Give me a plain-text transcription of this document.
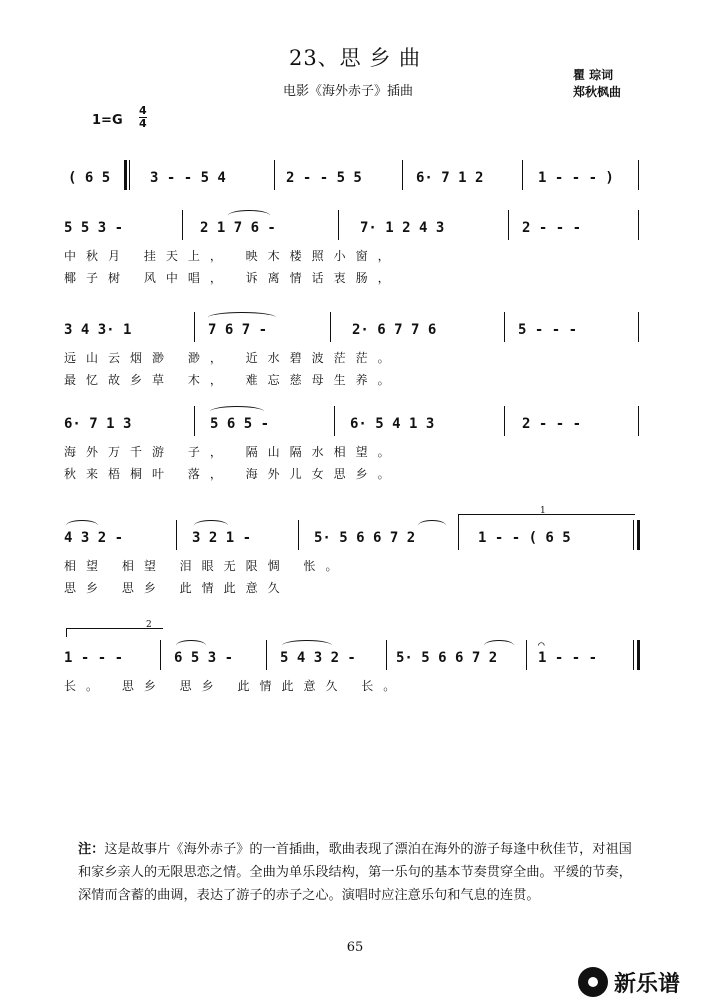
23、思 乡 曲
电影《海外赤子》插曲
瞿 琮词
郑秋枫曲
$1=G \frac{4}{4}$
( 6 5	3 - - 5 4	2 - - 5 5	6· 7 1 2	1 - - - )
5 5 3 -	2 1 7 6 -	7· 1 2 4 3	2 - - -
中秋月 挂天上， 映木楼照小窗，
椰子树 风中唱， 诉离情话衷肠，
3 4 3· 1	7 6 7 -	2· 6 7 7 6	5 - - -
远山云烟渺 渺， 近水碧波茫茫。
最忆故乡草 木， 难忘慈母生养。
6· 7 1 3	5 6 5 -	6· 5 4 1 3	2 - - -
海外万千游 子， 隔山隔水相望。
秋来梧桐叶 落， 海外儿女思乡。
1
4 3 2 -	3 2 1 -	5· 5 6 6 7 2	1 - - ( 6 5
相望 相望 泪眼无限惆 怅。
思乡 思乡 此情此意久
2
1 - - -	6 5 3 -	5 4 3 2 -	5· 5 6 6 7 2
⌒
1 - - -
长。 思乡 思乡 此情此意久 长。
注：这是故事片《海外赤子》的一首插曲，歌曲表现了漂泊在海外的游子每逢中秋佳节，对祖国和家乡亲人的无限思恋之情。全曲为单乐段结构，第一乐句的基本节奏贯穿全曲。平缓的节奏，深情而含蓄的曲调，表达了游子的赤子之心。演唱时应注意乐句和气息的连贯。
65
新乐谱
